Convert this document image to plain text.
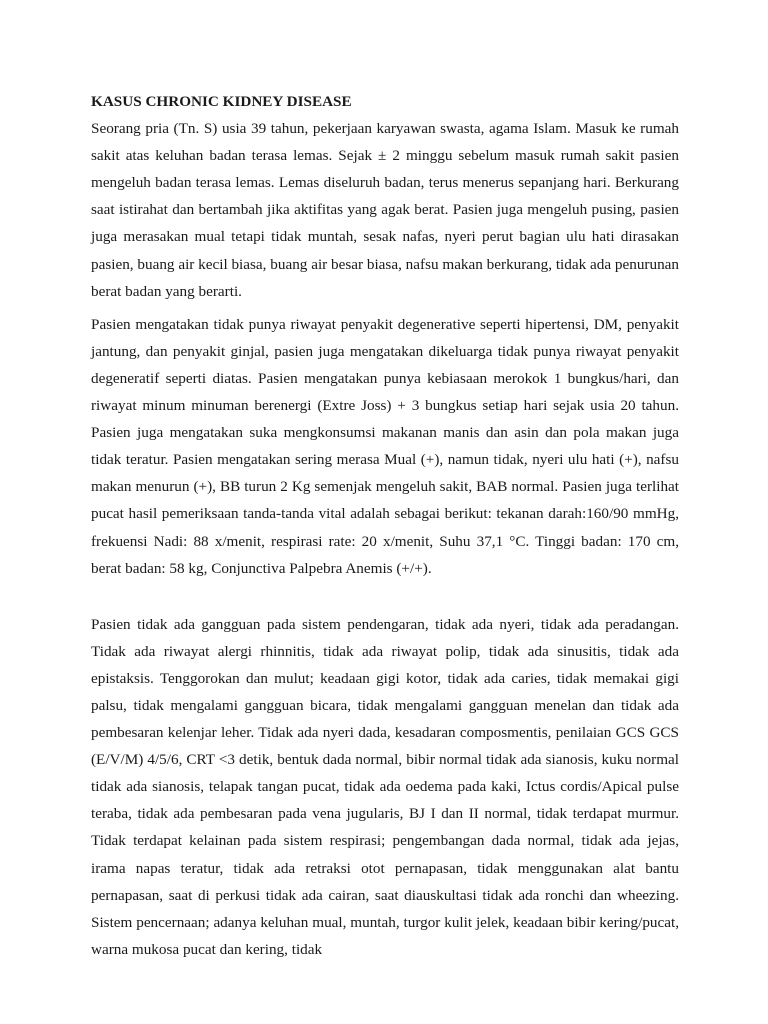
KASUS CHRONIC KIDNEY DISEASE

Seorang pria (Tn. S) usia 39 tahun, pekerjaan karyawan swasta, agama Islam. Masuk ke rumah sakit atas keluhan badan terasa lemas. Sejak ± 2 minggu sebelum masuk rumah sakit pasien mengeluh badan terasa lemas. Lemas diseluruh badan, terus menerus sepanjang hari. Berkurang saat istirahat dan bertambah jika aktifitas yang agak berat. Pasien juga mengeluh pusing, pasien juga merasakan mual tetapi tidak muntah, sesak nafas, nyeri perut bagian ulu hati dirasakan pasien, buang air kecil biasa, buang air besar biasa, nafsu makan berkurang, tidak ada penurunan berat badan yang berarti.

Pasien mengatakan tidak punya riwayat penyakit degenerative seperti hipertensi, DM, penyakit jantung, dan penyakit ginjal, pasien juga mengatakan dikeluarga tidak punya riwayat penyakit degeneratif seperti diatas. Pasien mengatakan punya kebiasaan merokok 1 bungkus/hari, dan riwayat minum minuman berenergi (Extre Joss) + 3 bungkus setiap hari sejak usia 20 tahun. Pasien juga mengatakan suka mengkonsumsi makanan manis dan asin dan pola makan juga tidak teratur. Pasien mengatakan sering merasa Mual (+), namun tidak, nyeri ulu hati (+), nafsu makan menurun (+), BB turun 2 Kg semenjak mengeluh sakit, BAB normal. Pasien juga terlihat pucat hasil pemeriksaan tanda-tanda vital adalah sebagai berikut: tekanan darah:160/90 mmHg, frekuensi Nadi: 88 x/menit, respirasi rate: 20 x/menit, Suhu 37,1 °C. Tinggi badan: 170 cm, berat badan: 58 kg, Conjunctiva Palpebra Anemis (+/+).

Pasien tidak ada gangguan pada sistem pendengaran, tidak ada nyeri, tidak ada peradangan. Tidak ada riwayat alergi rhinnitis, tidak ada riwayat polip, tidak ada sinusitis, tidak ada epistaksis. Tenggorokan dan mulut; keadaan gigi kotor, tidak ada caries, tidak memakai gigi palsu, tidak mengalami gangguan bicara, tidak mengalami gangguan menelan dan tidak ada pembesaran kelenjar leher. Tidak ada nyeri dada, kesadaran composmentis, penilaian GCS GCS (E/V/M) 4/5/6, CRT <3 detik, bentuk dada normal, bibir normal tidak ada sianosis, kuku normal tidak ada sianosis, telapak tangan pucat, tidak ada oedema pada kaki, Ictus cordis/Apical pulse teraba, tidak ada pembesaran pada vena jugularis, BJ I dan II normal, tidak terdapat murmur. Tidak terdapat kelainan pada sistem respirasi; pengembangan dada normal, tidak ada jejas, irama napas teratur, tidak ada retraksi otot pernapasan, tidak menggunakan alat bantu pernapasan, saat di perkusi tidak ada cairan, saat diauskultasi tidak ada ronchi dan wheezing. Sistem pencernaan; adanya keluhan mual, muntah, turgor kulit jelek, keadaan bibir kering/pucat, warna mukosa pucat dan kering, tidak
